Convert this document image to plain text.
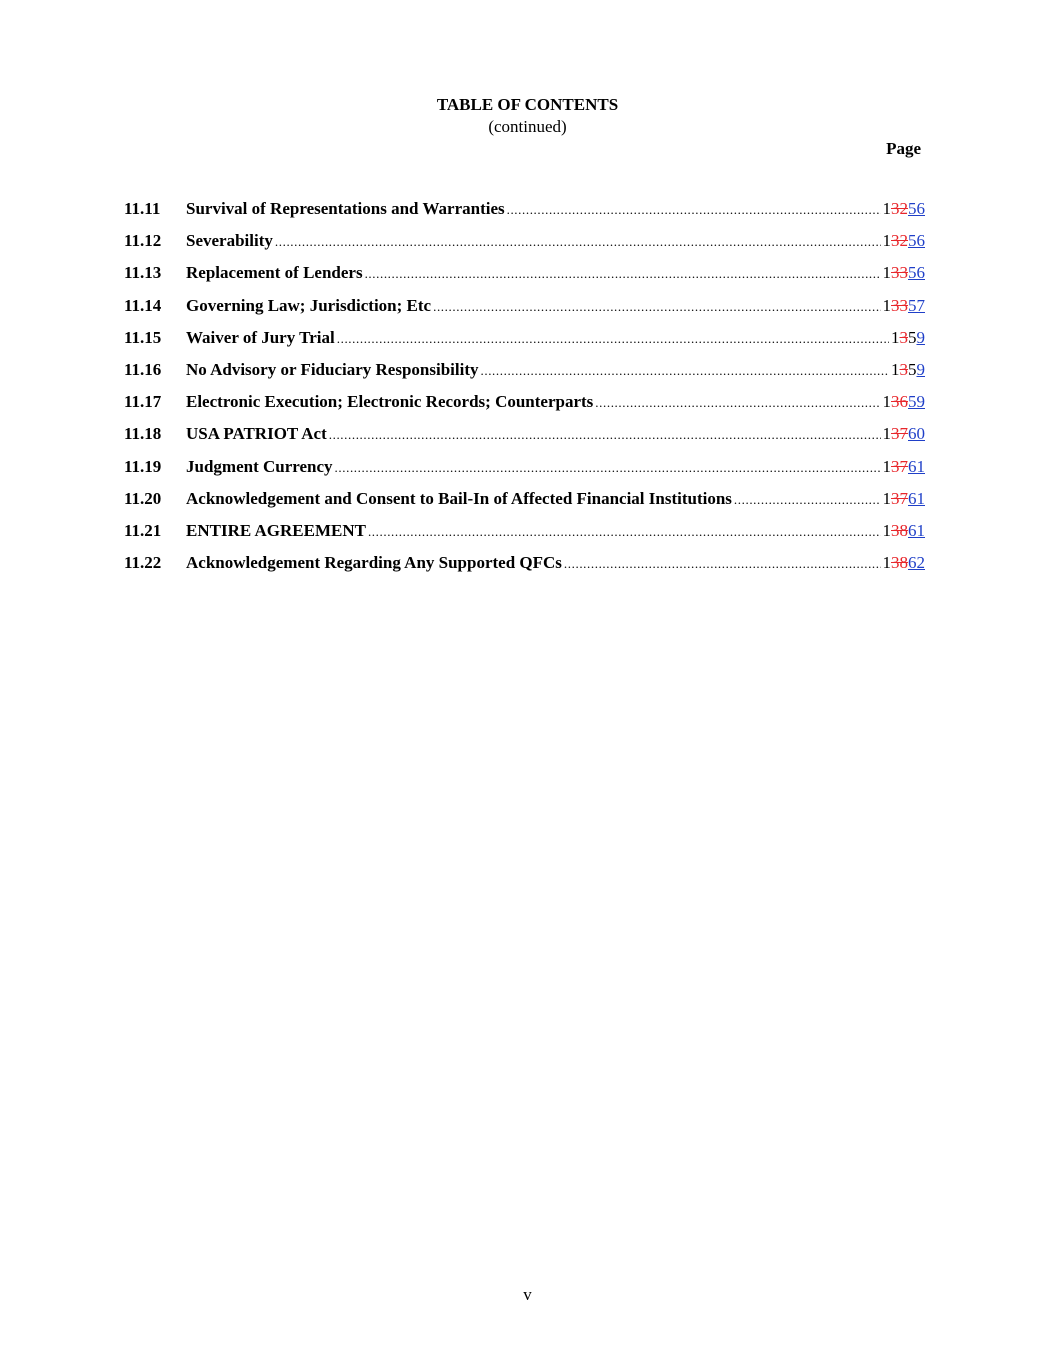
TABLE OF CONTENTS
(continued)
Page
11.11	Survival of Representations and Warranties .....	13256
11.12	Severability .....	13256
11.13	Replacement of Lenders .....	13356
11.14	Governing Law; Jurisdiction; Etc .....	13357
11.15	Waiver of Jury Trial .....	1359
11.16	No Advisory or Fiduciary Responsibility .....	1359
11.17	Electronic Execution; Electronic Records; Counterparts .....	13659
11.18	USA PATRIOT Act .....	13760
11.19	Judgment Currency .....	13761
11.20	Acknowledgement and Consent to Bail-In of Affected Financial Institutions .....	13761
11.21	ENTIRE AGREEMENT .....	13861
11.22	Acknowledgement Regarding Any Supported QFCs .....	13862
v
